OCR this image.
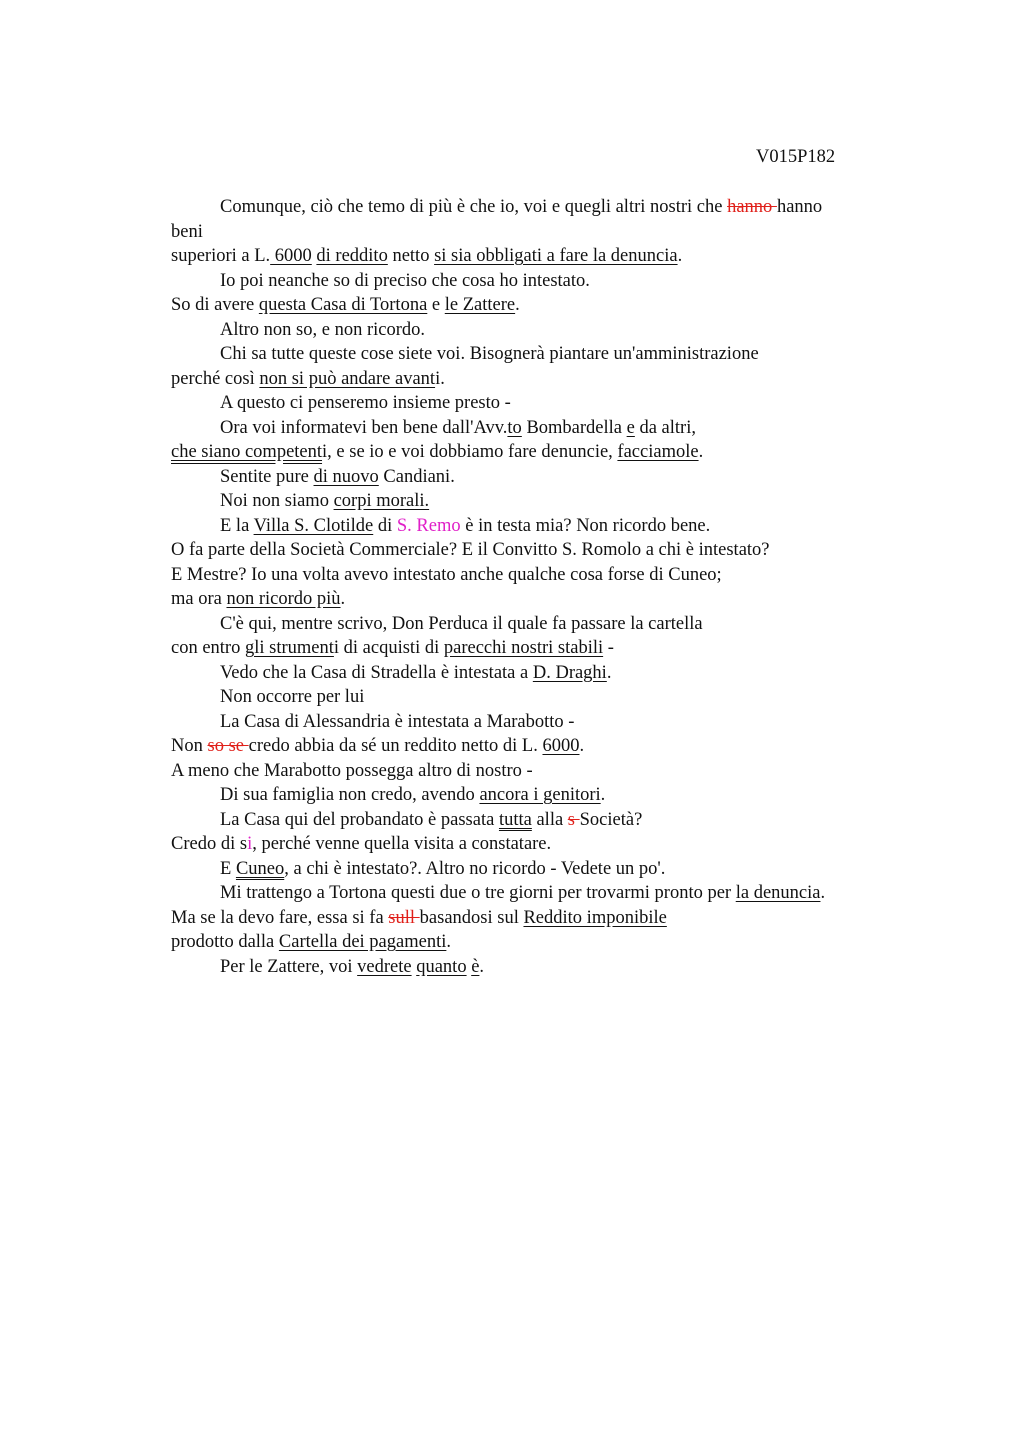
V015P182
Comunque, ciò che temo di più è che io, voi e quegli altri nostri che hanno hanno
beni
superiori a L. 6000 di reddito netto si sia obbligati a fare la denuncia.
Io poi neanche so di preciso che cosa ho intestato.
So di avere questa Casa di Tortona e le Zattere.
Altro non so, e non ricordo.
Chi sa tutte queste cose siete voi. Bisognerà piantare un'amministrazione
perché così non si può andare avanti.
A questo ci penseremo insieme presto -
Ora voi informatevi ben bene dall'Avv.to Bombardella e da altri,
che siano competenti, e se io e voi dobbiamo fare denuncie, facciamole.
Sentite pure di nuovo Candiani.
Noi non siamo corpi morali.
E la Villa S. Clotilde di S. Remo è in testa mia? Non ricordo bene.
O fa parte della Società Commerciale? E il Convitto S. Romolo a chi è intestato?
E Mestre? Io una volta avevo intestato anche qualche cosa forse di Cuneo;
ma ora non ricordo più.
C'è qui, mentre scrivo, Don Perduca il quale fa passare la cartella
con entro gli strumenti di acquisti di parecchi nostri stabili -
Vedo che la Casa di Stradella è intestata a D. Draghi.
Non occorre per lui
La Casa di Alessandria è intestata a Marabotto -
Non so se credo abbia da sé un reddito netto di L. 6000.
A meno che Marabotto possegga altro di nostro -
Di sua famiglia non credo, avendo ancora i genitori.
La Casa qui del probandato è passata tutta alla s Società?
Credo di si, perché venne quella visita a constatare.
E Cuneo, a chi è intestato?. Altro no ricordo - Vedete un po'.
Mi trattengo a Tortona questi due o tre giorni per trovarmi pronto per la denuncia.
Ma se la devo fare, essa si fa sull basandosi sul Reddito imponibile
prodotto dalla Cartella dei pagamenti.
Per le Zattere, voi vedrete quanto è.
